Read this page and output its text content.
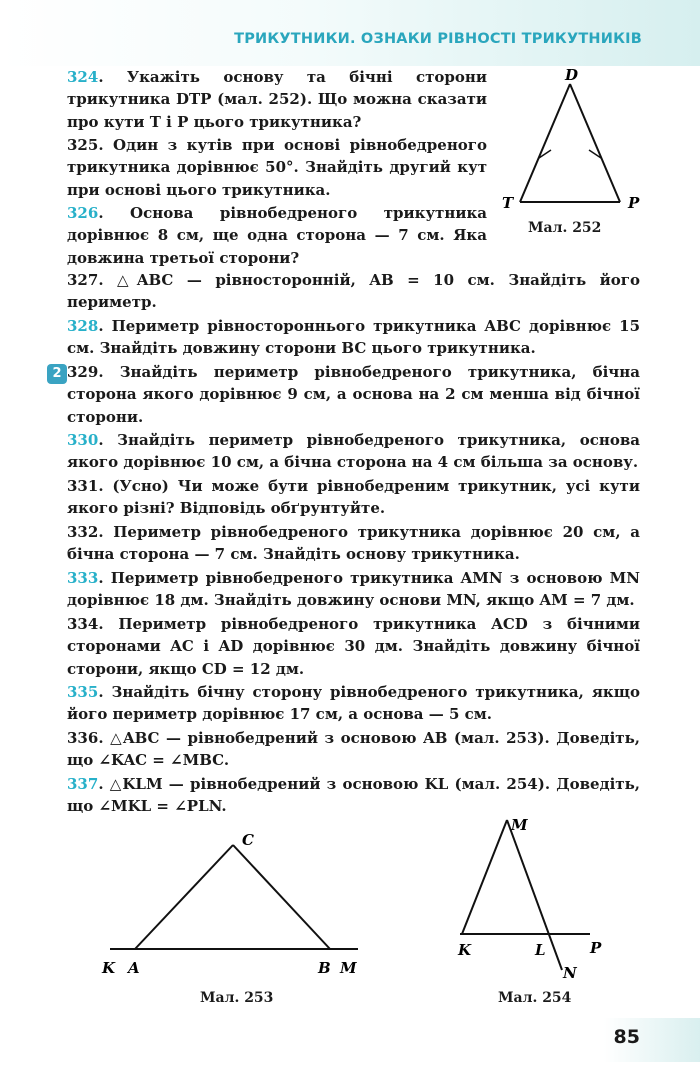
ТРИКУТНИКИ. ОЗНАКИ РІВНОСТІ ТРИКУТНИКІВ
324. Укажіть основу та бічні сторони трикутника DTP (мал. 252). Що можна сказати про кути T і P цього трикутника?
325. Один з кутів при основі рівнобедреного трикутника дорівнює 50°. Знайдіть другий кут при основі цього трикутника.
326. Основа рівнобедреного трикутника дорівнює 8 см, ще одна сторона — 7 см. Яка довжина третьої сторони?
D
T	P
Мал. 252
327. △ABC — рівносторонній, AB = 10 см. Знайдіть його периметр.
328. Периметр рівностороннього трикутника ABC дорівнює 15 см. Знайдіть довжину сторони BC цього трикутника.
2 329. Знайдіть периметр рівнобедреного трикутника, бічна сторона якого дорівнює 9 см, а основа на 2 см менша від бічної сторони.
330. Знайдіть периметр рівнобедреного трикутника, основа якого дорівнює 10 см, а бічна сторона на 4 см більша за основу.
331. (Усно) Чи може бути рівнобедреним трикутник, усі кути якого різні? Відповідь обґрунтуйте.
332. Периметр рівнобедреного трикутника дорівнює 20 см, а бічна сторона — 7 см. Знайдіть основу трикутника.
333. Периметр рівнобедреного трикутника AMN з основою MN дорівнює 18 дм. Знайдіть довжину основи MN, якщо AM = 7 дм.
334. Периметр рівнобедреного трикутника ACD з бічними сторонами AC і AD дорівнює 30 дм. Знайдіть довжину бічної сторони, якщо CD = 12 дм.
335. Знайдіть бічну сторону рівнобедреного трикутника, якщо його периметр дорівнює 17 см, а основа — 5 см.
336. △ABC — рівнобедрений з основою AB (мал. 253). Доведіть, що ∠KAC = ∠MBC.
337. △KLM — рівнобедрений з основою KL (мал. 254). Доведіть, що ∠MKL = ∠PLN.
C
K A	B M
Мал. 253
M
K	L	P
N
Мал. 254
85
